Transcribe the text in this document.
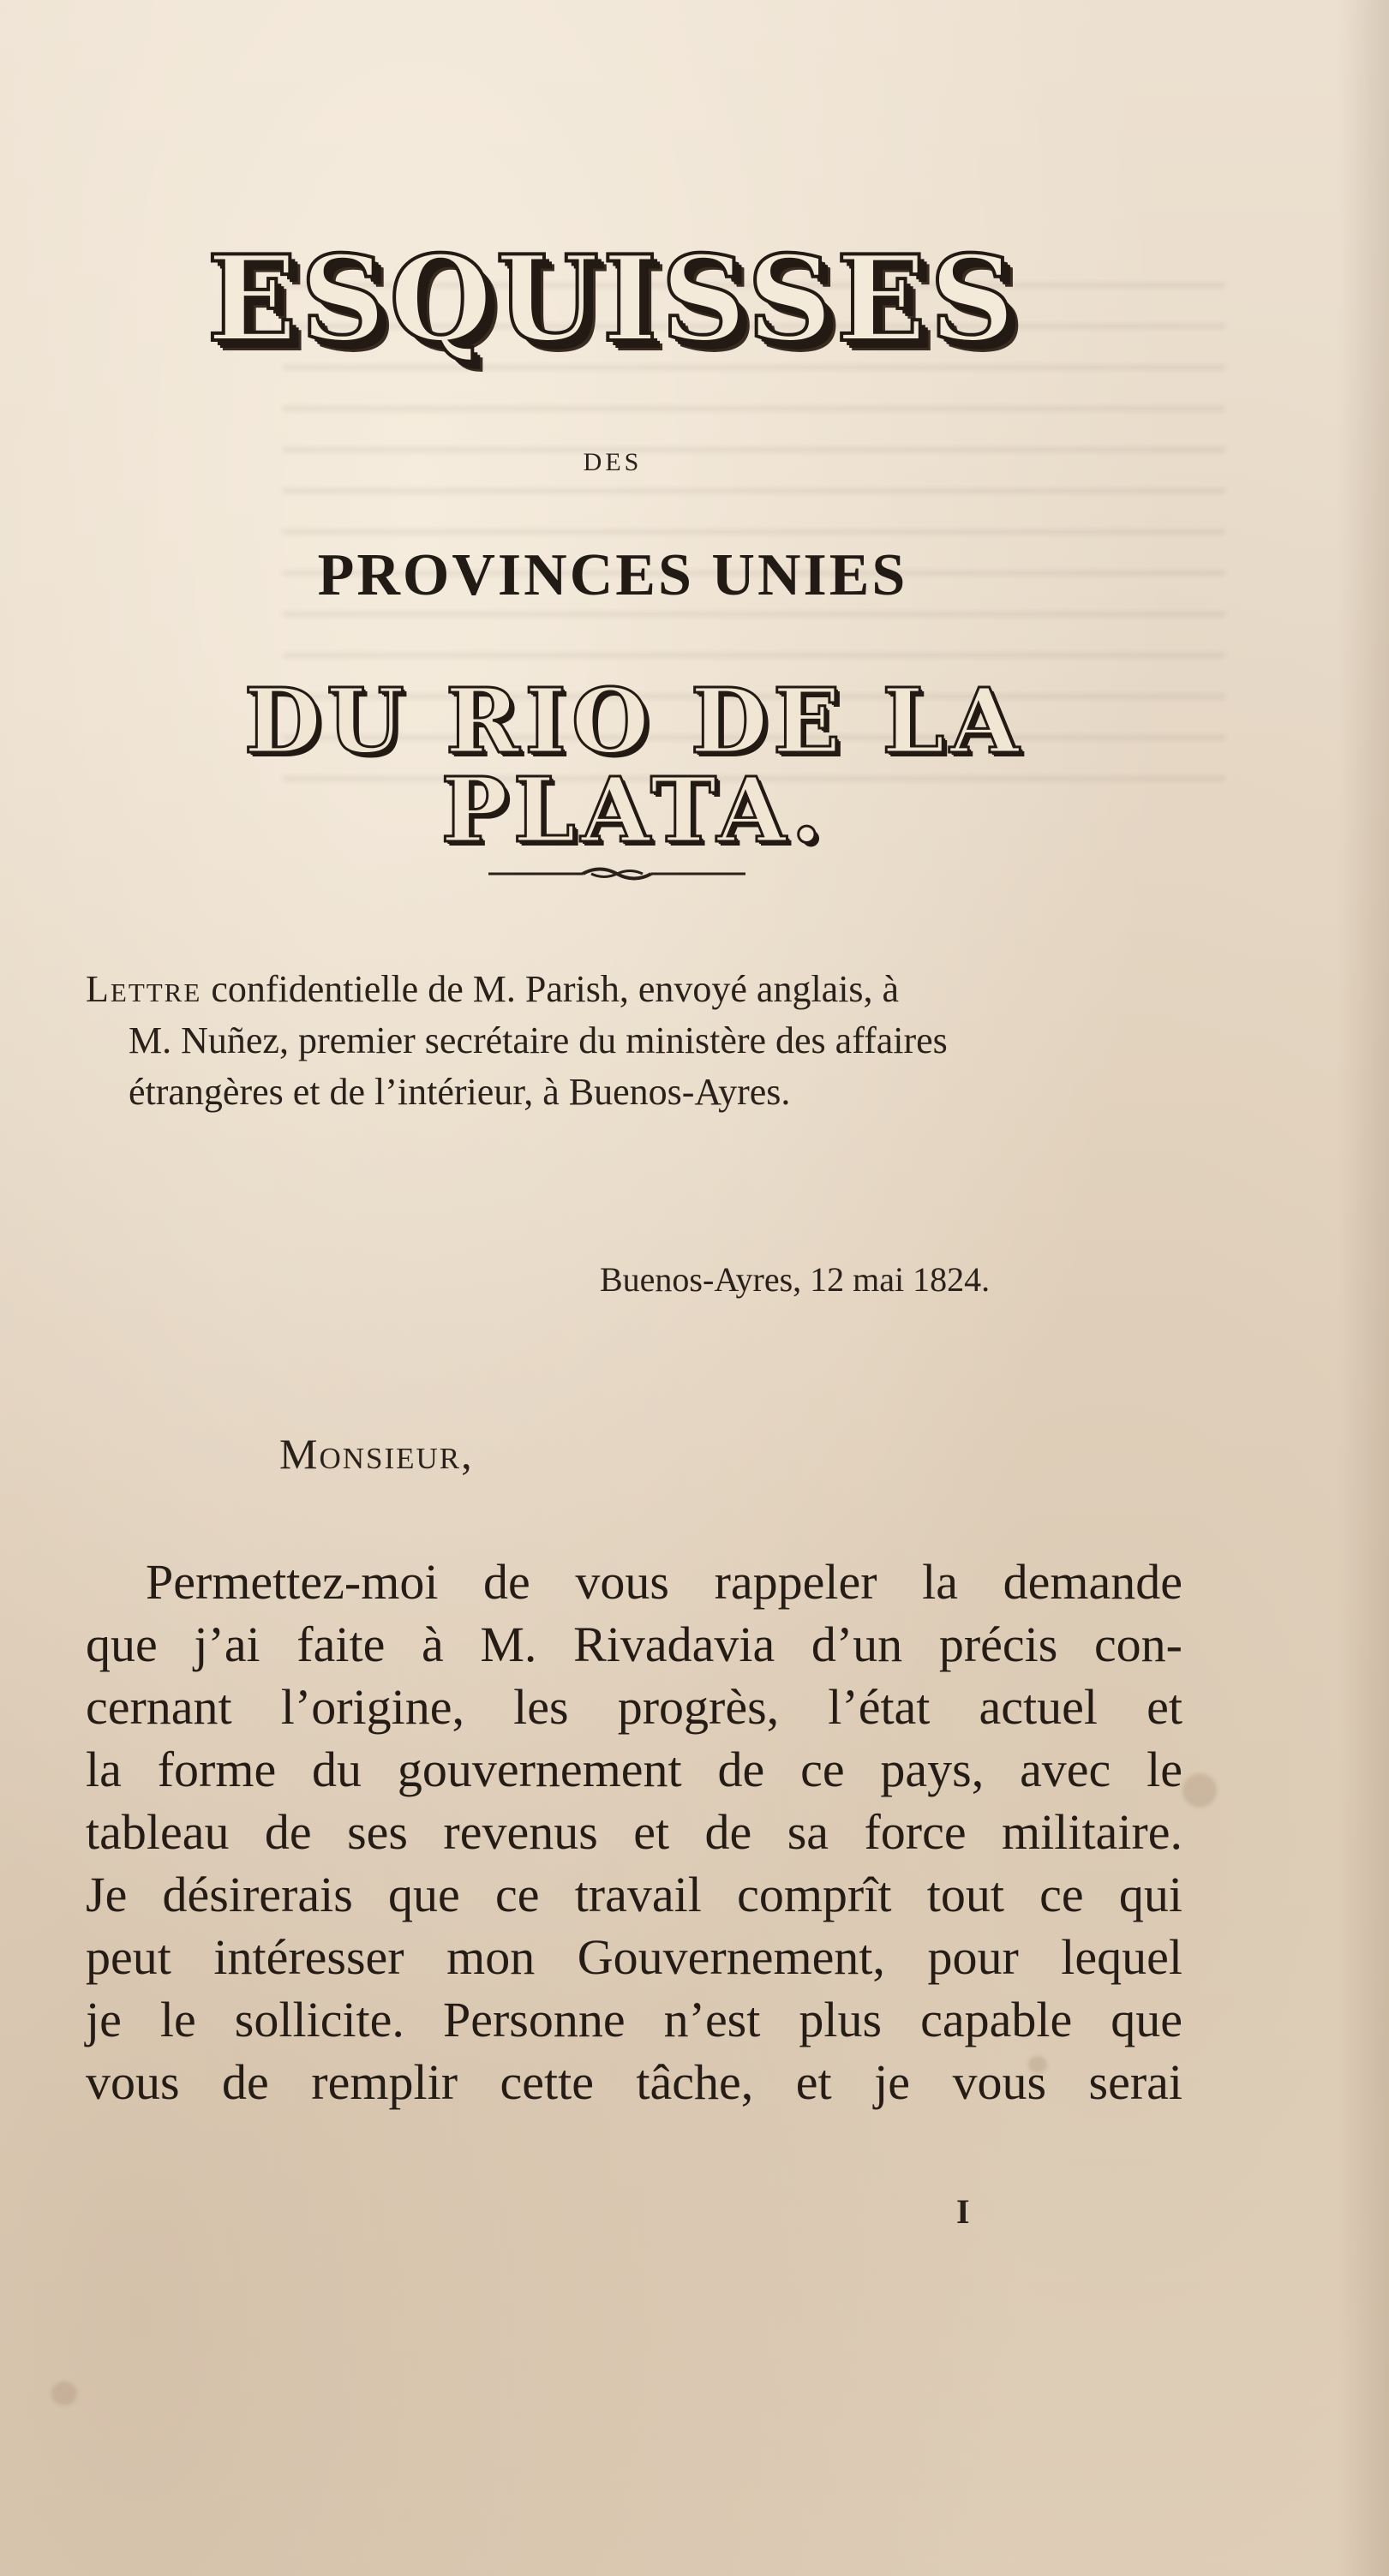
ESQUISSES
DES
PROVINCES UNIES
DU RIO DE LA PLATA.
Lettre confidentielle de M. Parish, envoyé anglais, à
M. Nuñez, premier secrétaire du ministère des affaires
étrangères et de l’intérieur, à Buenos-Ayres.
Buenos-Ayres, 12 mai 1824.
Monsieur,
Permettez-moi de vous rappeler la demande
que j’ai faite à M. Rivadavia d’un précis con-
cernant l’origine, les progrès, l’état actuel et
la forme du gouvernement de ce pays, avec le
tableau de ses revenus et de sa force militaire.
Je désirerais que ce travail comprît tout ce qui
peut intéresser mon Gouvernement, pour lequel
je le sollicite. Personne n’est plus capable que
vous de remplir cette tâche, et je vous serai
I
